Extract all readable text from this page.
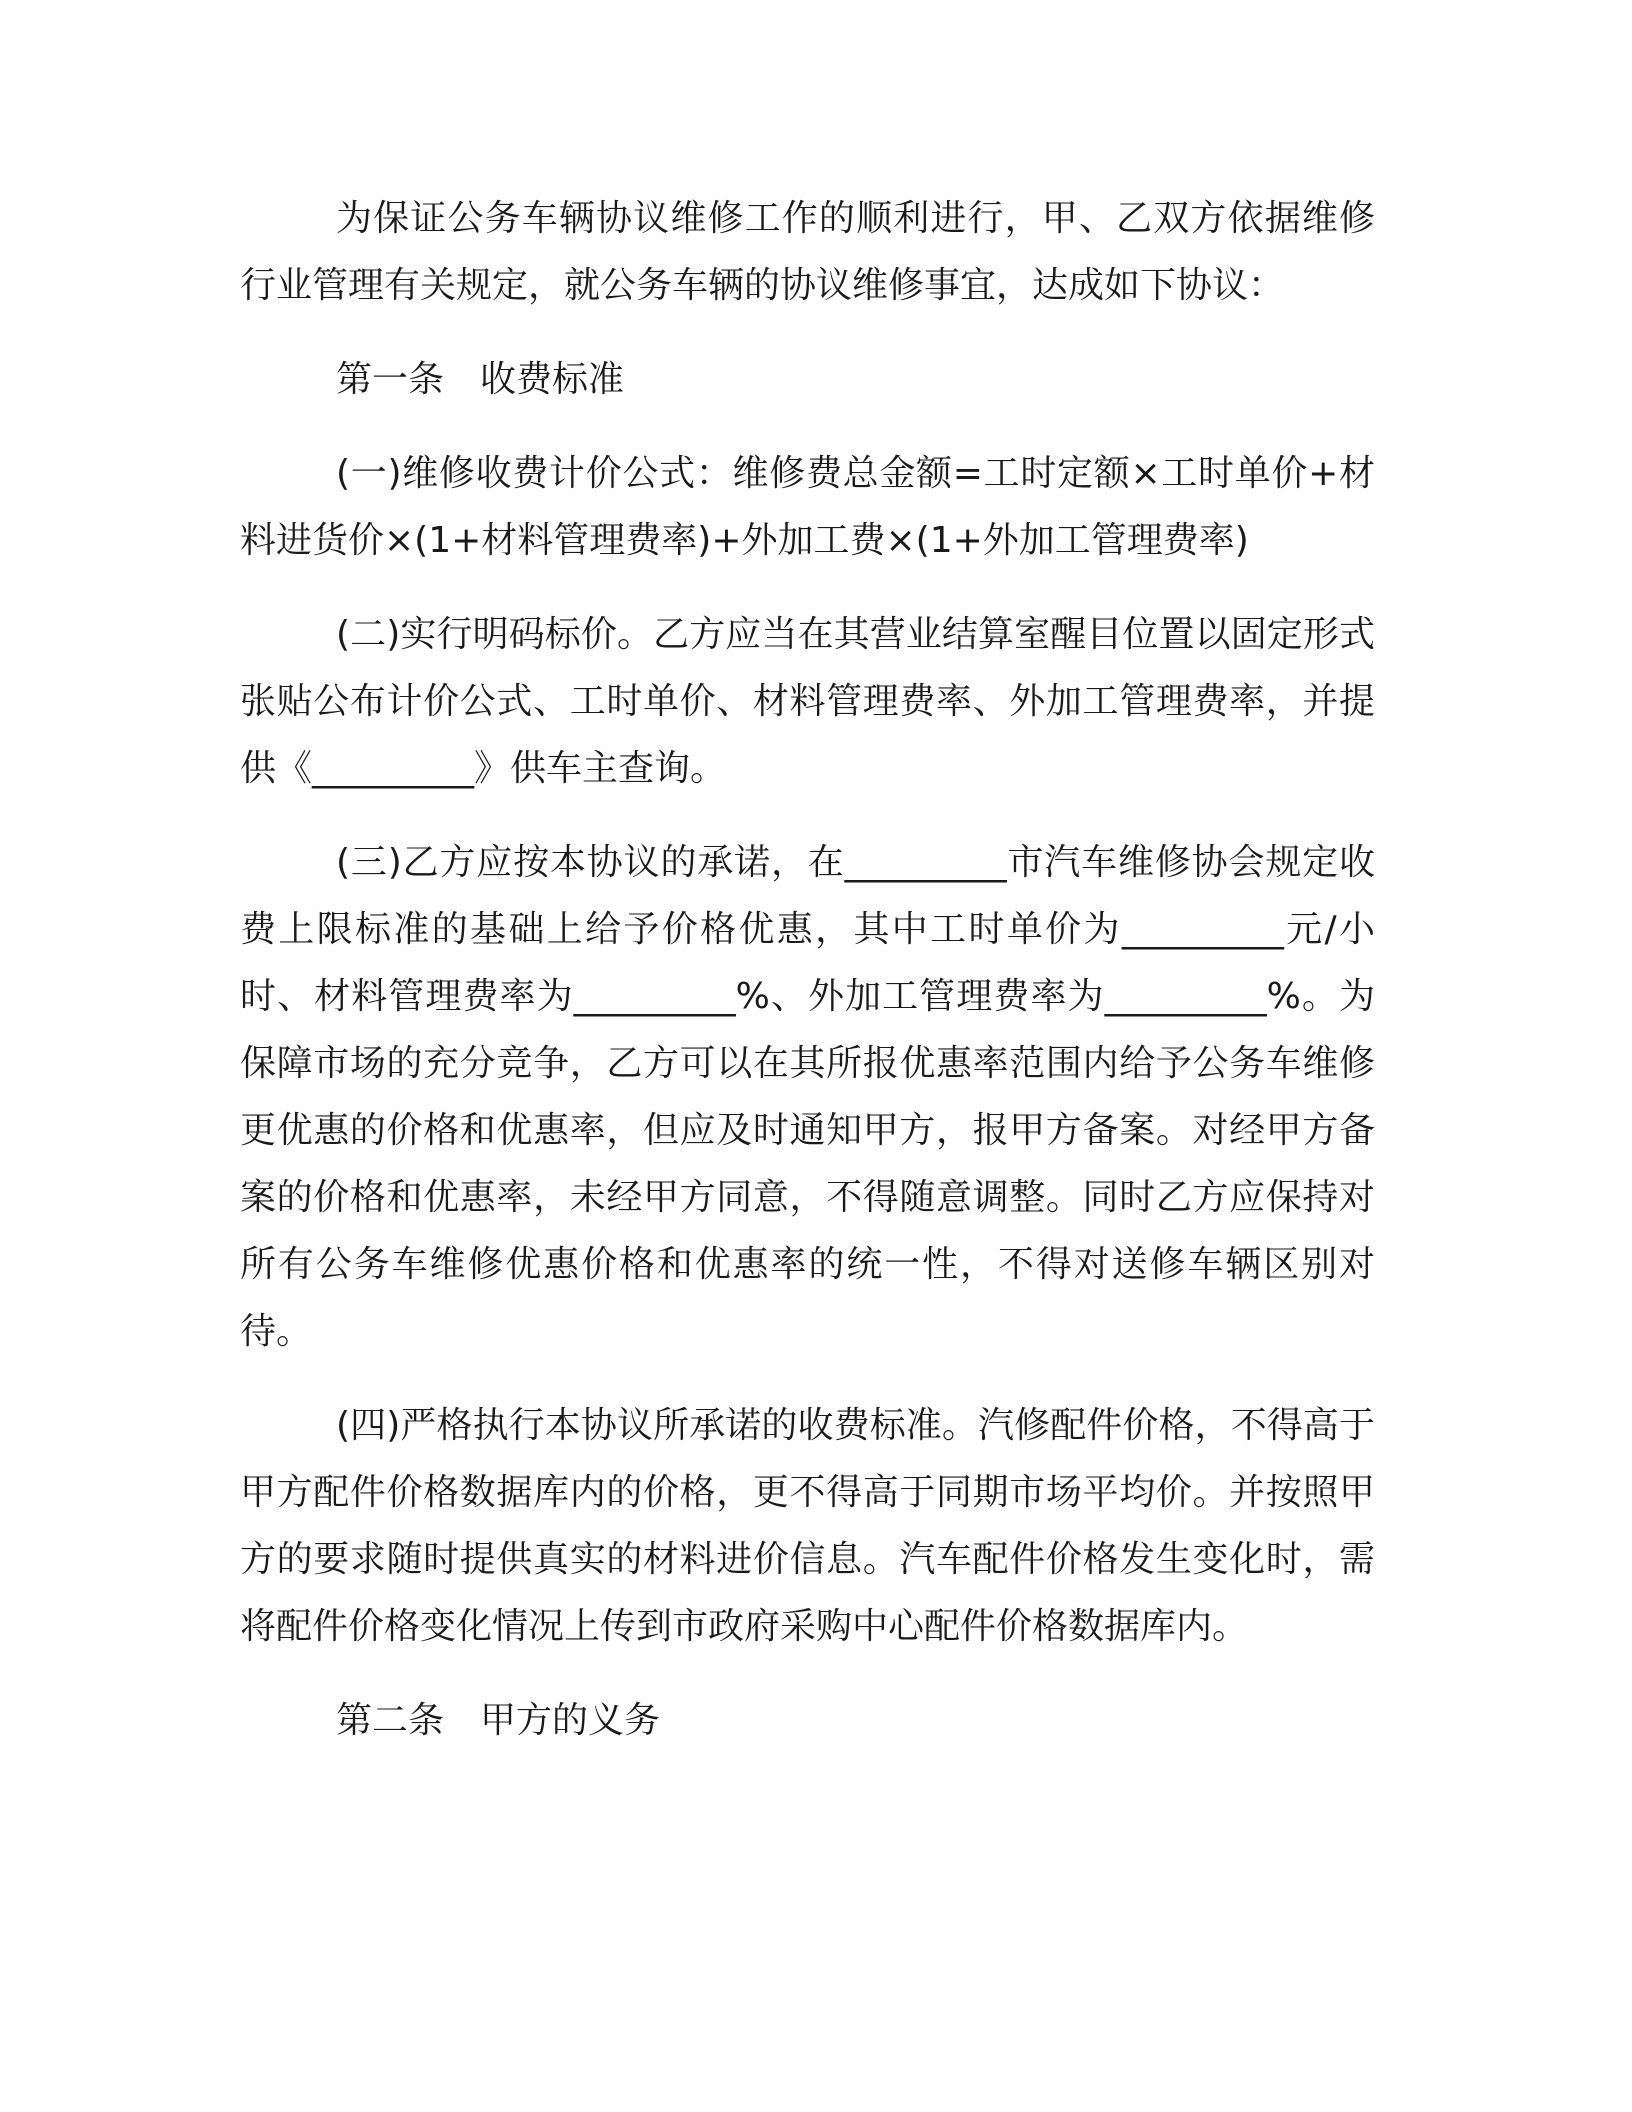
为保证公务车辆协议维修工作的顺利进行，甲、乙双方依据维修行业管理有关规定，就公务车辆的协议维修事宜，达成如下协议：

第一条　收费标准

(一)维修收费计价公式：维修费总金额=工时定额×工时单价+材料进货价×(1+材料管理费率)+外加工费×(1+外加工管理费率)

(二)实行明码标价。乙方应当在其营业结算室醒目位置以固定形式张贴公布计价公式、工时单价、材料管理费率、外加工管理费率，并提供《_________》供车主查询。

(三)乙方应按本协议的承诺，在_________市汽车维修协会规定收费上限标准的基础上给予价格优惠，其中工时单价为_________元/小时、材料管理费率为_________%、外加工管理费率为_________%。为保障市场的充分竞争，乙方可以在其所报优惠率范围内给予公务车维修更优惠的价格和优惠率，但应及时通知甲方，报甲方备案。对经甲方备案的价格和优惠率，未经甲方同意，不得随意调整。同时乙方应保持对所有公务车维修优惠价格和优惠率的统一性，不得对送修车辆区别对待。

(四)严格执行本协议所承诺的收费标准。汽修配件价格，不得高于甲方配件价格数据库内的价格，更不得高于同期市场平均价。并按照甲方的要求随时提供真实的材料进价信息。汽车配件价格发生变化时，需将配件价格变化情况上传到市政府采购中心配件价格数据库内。

第二条　甲方的义务
